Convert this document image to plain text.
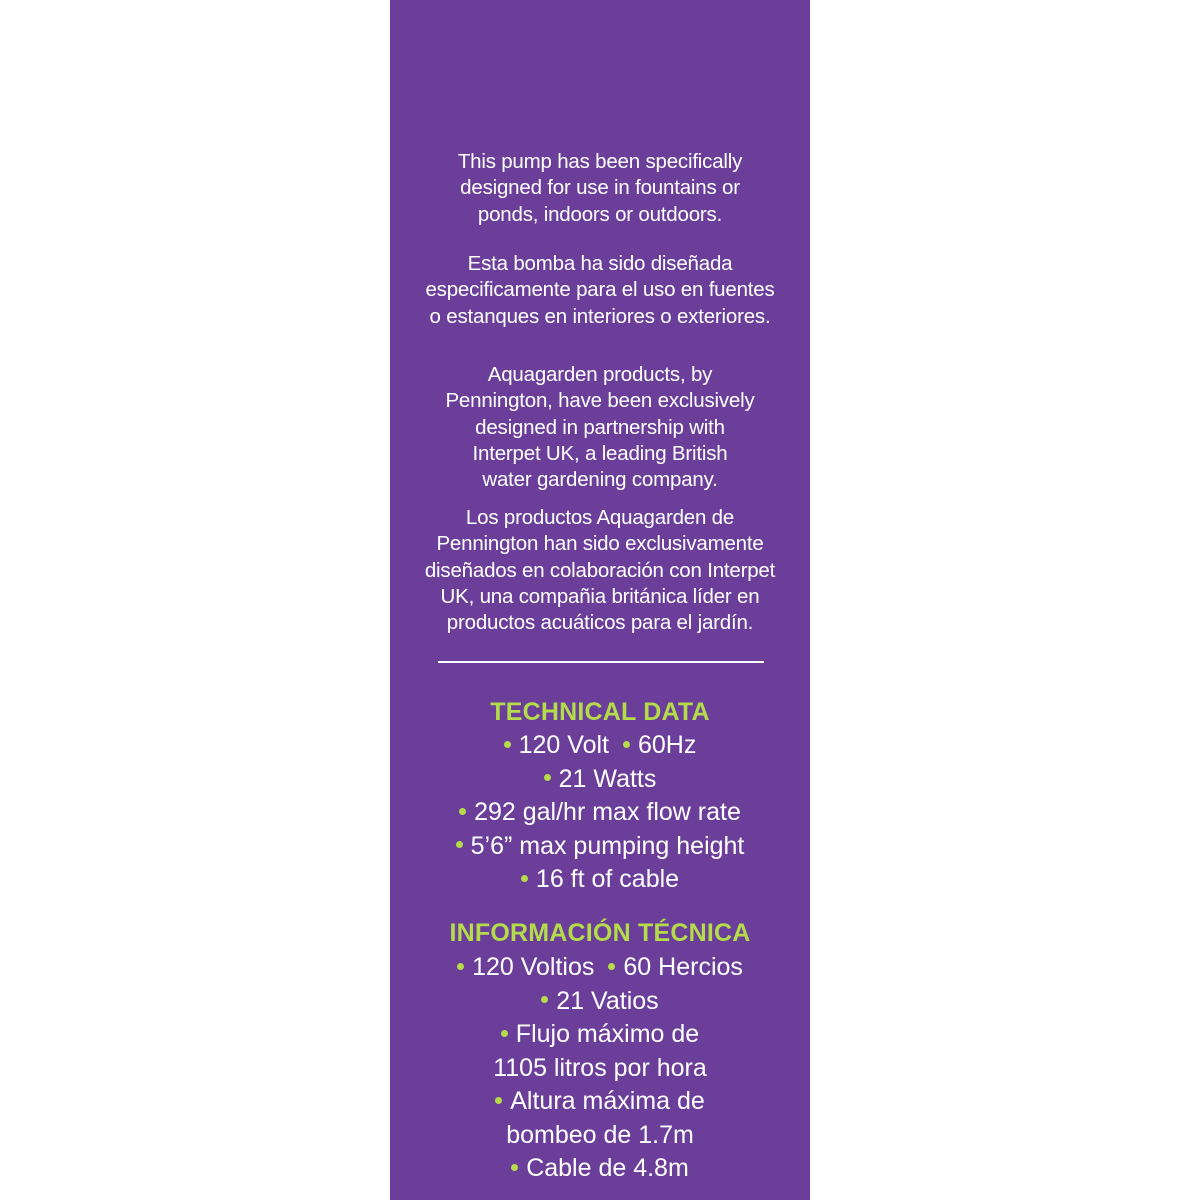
This pump has been specifically
designed for use in fountains or
ponds, indoors or outdoors.

Esta bomba ha sido diseñada
especificamente para el uso en fuentes
o estanques en interiores o exteriores.

Aquagarden products, by
Pennington, have been exclusively
designed in partnership with
Interpet UK, a leading British
water gardening company.

Los productos Aquagarden de
Pennington han sido exclusivamente
diseñados en colaboración con Interpet
UK, una compañia británica líder en
productos acuáticos para el jardín.

TECHNICAL DATA
120 Volt 60Hz
21 Watts
292 gal/hr max flow rate
5’6” max pumping height
16 ft of cable
INFORMACIÓN TÉCNICA
120 Voltios 60 Hercios
21 Vatios
Flujo máximo de
1105 litros por hora
Altura máxima de
bombeo de 1.7m
Cable de 4.8m
